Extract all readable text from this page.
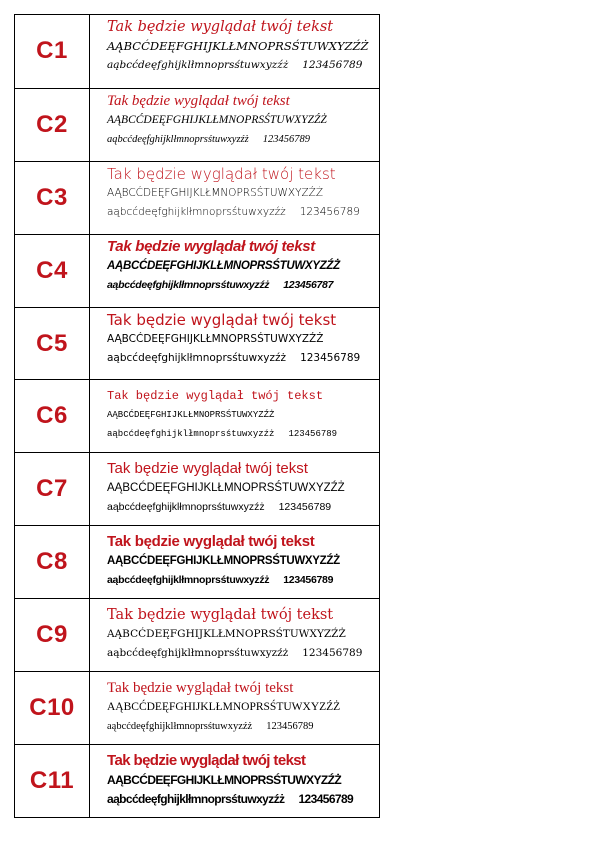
C1
Tak będzie wyglądał twój tekst
AĄBCĆDEĘFGHIJKLŁMNOPRSŚTUWXYZŹŻ
aąbcćdeęfghijklłmnoprsśtuwxyzźż 123456789
C2
Tak będzie wyglądał twój tekst
AĄBCĆDEĘFGHIJKLŁMNOPRSŚTUWXYZŹŻ
aąbcćdeęfghijklłmnoprsśtuwxyzźż 123456789
C3
Tak będzie wyglądał twój tekst
AĄBCĆDEĘFGHIJKLŁMNOPRSŚTUWXYZŹŻ
aąbcćdeęfghijklłmnoprsśtuwxyzźż 123456789
C4
Tak będzie wyglądał twój tekst
AĄBCĆDEĘFGHIJKLŁMNOPRSŚTUWXYZŹŻ
aąbcćdeęfghijklłmnoprsśtuwxyzźż 123456787
C5
Tak będzie wyglądał twój tekst
AĄBCĆDEĘFGHIJKLŁMNOPRSŚTUWXYZŹŻ
aąbcćdeęfghijklłmnoprsśtuwxyzźż 123456789
C6
Tak będzie wyglądał twój tekst
AĄBCĆDEĘFGHIJKLŁMNOPRSŚTUWXYZŹŻ
aąbcćdeęfghijklłmnoprsśtuwxyzźż 123456789
C7
Tak będzie wyglądał twój tekst
AĄBCĆDEĘFGHIJKLŁMNOPRSŚTUWXYZŹŻ
aąbcćdeęfghijklłmnoprsśtuwxyzźż 123456789
C8
Tak będzie wyglądał twój tekst
AĄBCĆDEĘFGHIJKLŁMNOPRSŚTUWXYZŹŻ
aąbcćdeęfghijklłmnoprsśtuwxyzźż 123456789
C9
Tak będzie wyglądał twój tekst
AĄBCĆDEĘFGHIJKLŁMNOPRSŚTUWXYZŹŻ
aąbcćdeęfghijklłmnoprsśtuwxyzźż 123456789
C10
Tak będzie wyglądał twój tekst
AĄBCĆDEĘFGHIJKLŁMNOPRSŚTUWXYZŹŻ
aąbcćdeęfghijklłmnoprsśtuwxyzźż 123456789
C11
Tak będzie wyglądał twój tekst
AĄBCĆDEĘFGHIJKLŁMNOPRSŚTUWXYZŹŻ
aąbcćdeęfghijklłmnoprsśtuwxyzźż 123456789
